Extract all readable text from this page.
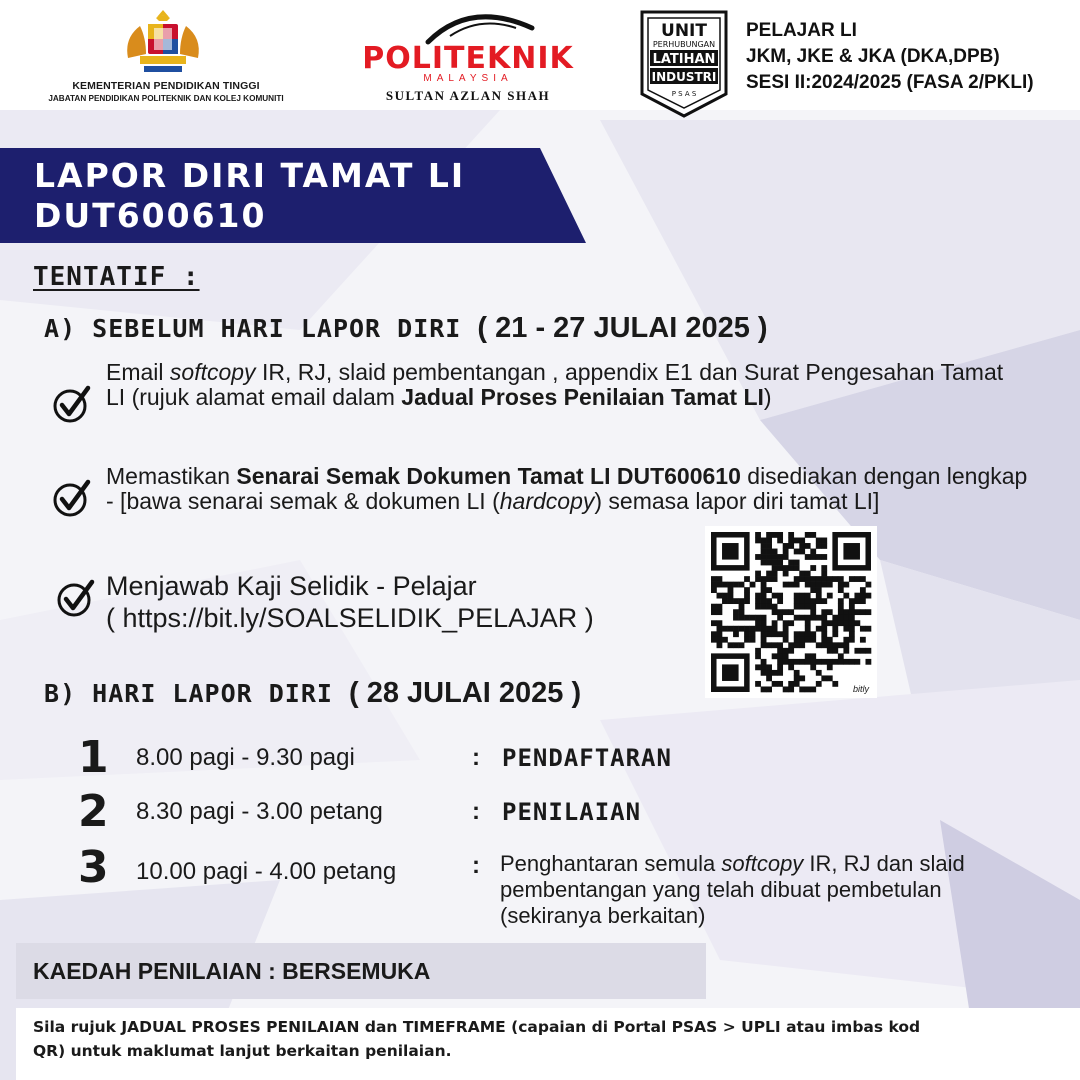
KEMENTERIAN PENDIDIKAN TINGGI
JABATAN PENDIDIKAN POLITEKNIK DAN KOLEJ KOMUNITI
POLITEKNIK
MALAYSIA
SULTAN AZLAN SHAH
UNIT
PERHUBUNGAN
LATIHAN
INDUSTRI
P S A S
PELAJAR LI
JKM, JKE & JKA (DKA,DPB)
SESI II:2024/2025 (FASA 2/PKLI)
LAPOR DIRI TAMAT LI
DUT600610
TENTATIF :
A) SEBELUM HARI LAPOR DIRI ( 21 - 27 JULAI 2025 )
Email softcopy IR, RJ, slaid pembentangan , appendix E1 dan Surat Pengesahan Tamat LI (rujuk alamat email dalam Jadual Proses Penilaian Tamat LI)
Memastikan Senarai Semak Dokumen Tamat LI DUT600610 disediakan dengan lengkap - [bawa senarai semak & dokumen LI (hardcopy) semasa lapor diri tamat LI]
Menjawab Kaji Selidik - Pelajar
( https://bit.ly/SOALSELIDIK_PELAJAR )
bitly
B) HARI LAPOR DIRI ( 28 JULAI 2025 )
1 8.00 pagi - 9.30 pagi	: PENDAFTARAN
2 8.30 pagi - 3.00 petang	: PENILAIAN
3 10.00 pagi - 4.00 petang	: Penghantaran semula softcopy IR, RJ dan slaid pembentangan yang telah dibuat pembetulan (sekiranya berkaitan)
KAEDAH PENILAIAN : BERSEMUKA
Sila rujuk JADUAL PROSES PENILAIAN dan TIMEFRAME (capaian di Portal PSAS > UPLI atau imbas kod QR) untuk maklumat lanjut berkaitan penilaian.
